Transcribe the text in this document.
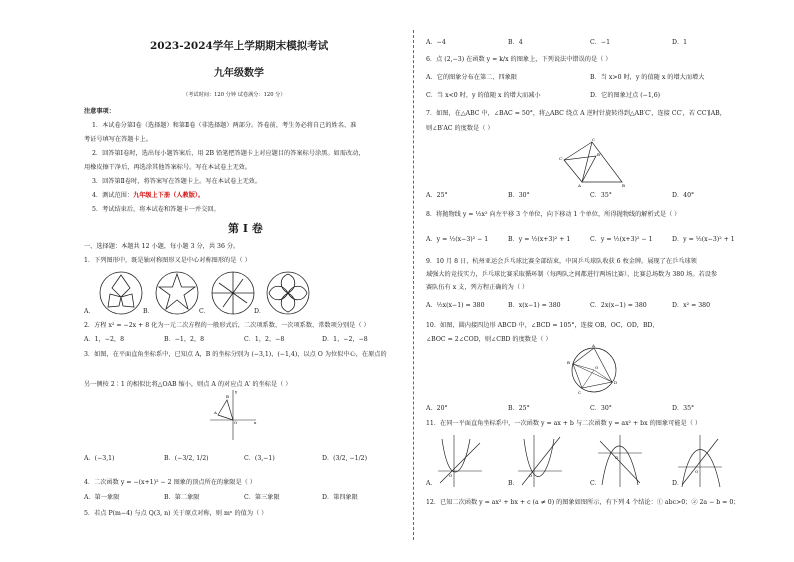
2023-2024学年上学期期末模拟考试
九年级数学
（考试时间：120 分钟 试卷满分：120 分）
注意事项：
1．本试卷分第Ⅰ卷（选择题）和第Ⅱ卷（非选择题）两部分。答卷前，考生务必将自己的姓名、准
考证号填写在答题卡上。
2．回答第Ⅰ卷时，选出每小题答案后，用 2B 铅笔把答题卡上对应题目的答案标号涂黑。如需改动，
用橡皮擦干净后，再选涂其他答案标号。写在本试卷上无效。
3．回答第Ⅱ卷时，将答案写在答题卡上。写在本试卷上无效。
4．测试范围：九年级上下册（人教版）。
5．考试结束后，将本试卷和答题卡一并交回。
第 Ⅰ 卷
一、选择题：本题共 12 小题，每小题 3 分，共 36 分。
1．下列图形中，既是轴对称图形又是中心对称图形的是（ ）
A．	B．	C．	D．
2．方程 x² = −2x + 8 化为一元二次方程的一般形式后，二次项系数、一次项系数、常数项分别是（ ）
A．1，−2，8	B．−1，2，8	C．1，2，−8	D．1，−2，−8
3．如图，在平面直角坐标系中，已知点 A，B 的坐标分别为 (−3,1)，(−1,4)，以点 O 为位似中心，在原点的
另一侧按 2∶1 的相似比将△OAB 缩小，则点 A 的对应点 A′ 的坐标是（ ）
A
B
O	x
y
A．(−3,1)	B．(−3/2, 1/2)	C．(3,−1)	D．(3/2, −1/2)
4．二次函数 y = −(x+1)² − 2 图象的顶点所在的象限是（ ）
A．第一象限	B．第二象限	C．第三象限	D．第四象限
5．若点 P(m−4) 与点 Q(3, n) 关于原点对称，则 mⁿ 的值为（ ）
A．−4	B．4	C．−1	D．1
6．点 (2,−3) 在函数 y = k/x 的图象上，下列说法中错误的是（ ）
A．它的图象分布在第二、四象限	B．当 x>0 时，y 的值随 x 的增大而增大
C．当 x<0 时，y 的值随 x 的增大而减小	D．它的图象过点 (−1,6)
7．如图，在△ABC 中，∠BAC = 50°，将△ABC 绕点 A 逆时针旋转得到△AB′C′，连接 CC′，若 CC′∥AB，
则∠B′AC 的度数是（ ）
A	B
C
C′
B′
A．25°	B．30°	C．35°	D．40°
8．将抛物线 y = ½x² 向左平移 3 个单位，向下移动 1 个单位，所得抛物线的解析式是（ ）
A．y = ½(x−3)² − 1	B．y = ½(x+3)² + 1	C．y = ½(x+3)² − 1	D．y = ½(x−3)² + 1
9．10 月 8 日，杭州亚运会乒乓球比赛全部结束，中国乒乓球队收获 6 枚金牌。展现了在乒乓球领
域强大的竞技实力，乒乓球比赛采取循环制（每两队之间都进行两场比赛），比赛总场数为 380 场。若设参
赛队伍有 x 支，列方程正确的为（ ）
A．½x(x−1) = 380	B．x(x−1) = 380	C．2x(x−1) = 380	D．x² = 380
10．如图，圆内接四边形 ABCD 中，∠BCD = 105°，连接 OB，OC，OD，BD，
∠BOC = 2∠COD，则∠CBD 的度数是（ ）
A
B
C
D
O
A．20°	B．25°	C．30°	D．35°
11．在同一平面直角坐标系中，一次函数 y = ax + b 与二次函数 y = ax² + bx 的图象可能是（ ）
O	O
O
O
A．	B．	C．	D．
12．已知二次函数 y = ax² + bx + c (a ≠ 0) 的图象如图所示，有下列 4 个结论：① abc>0；② 2a − b = 0；
